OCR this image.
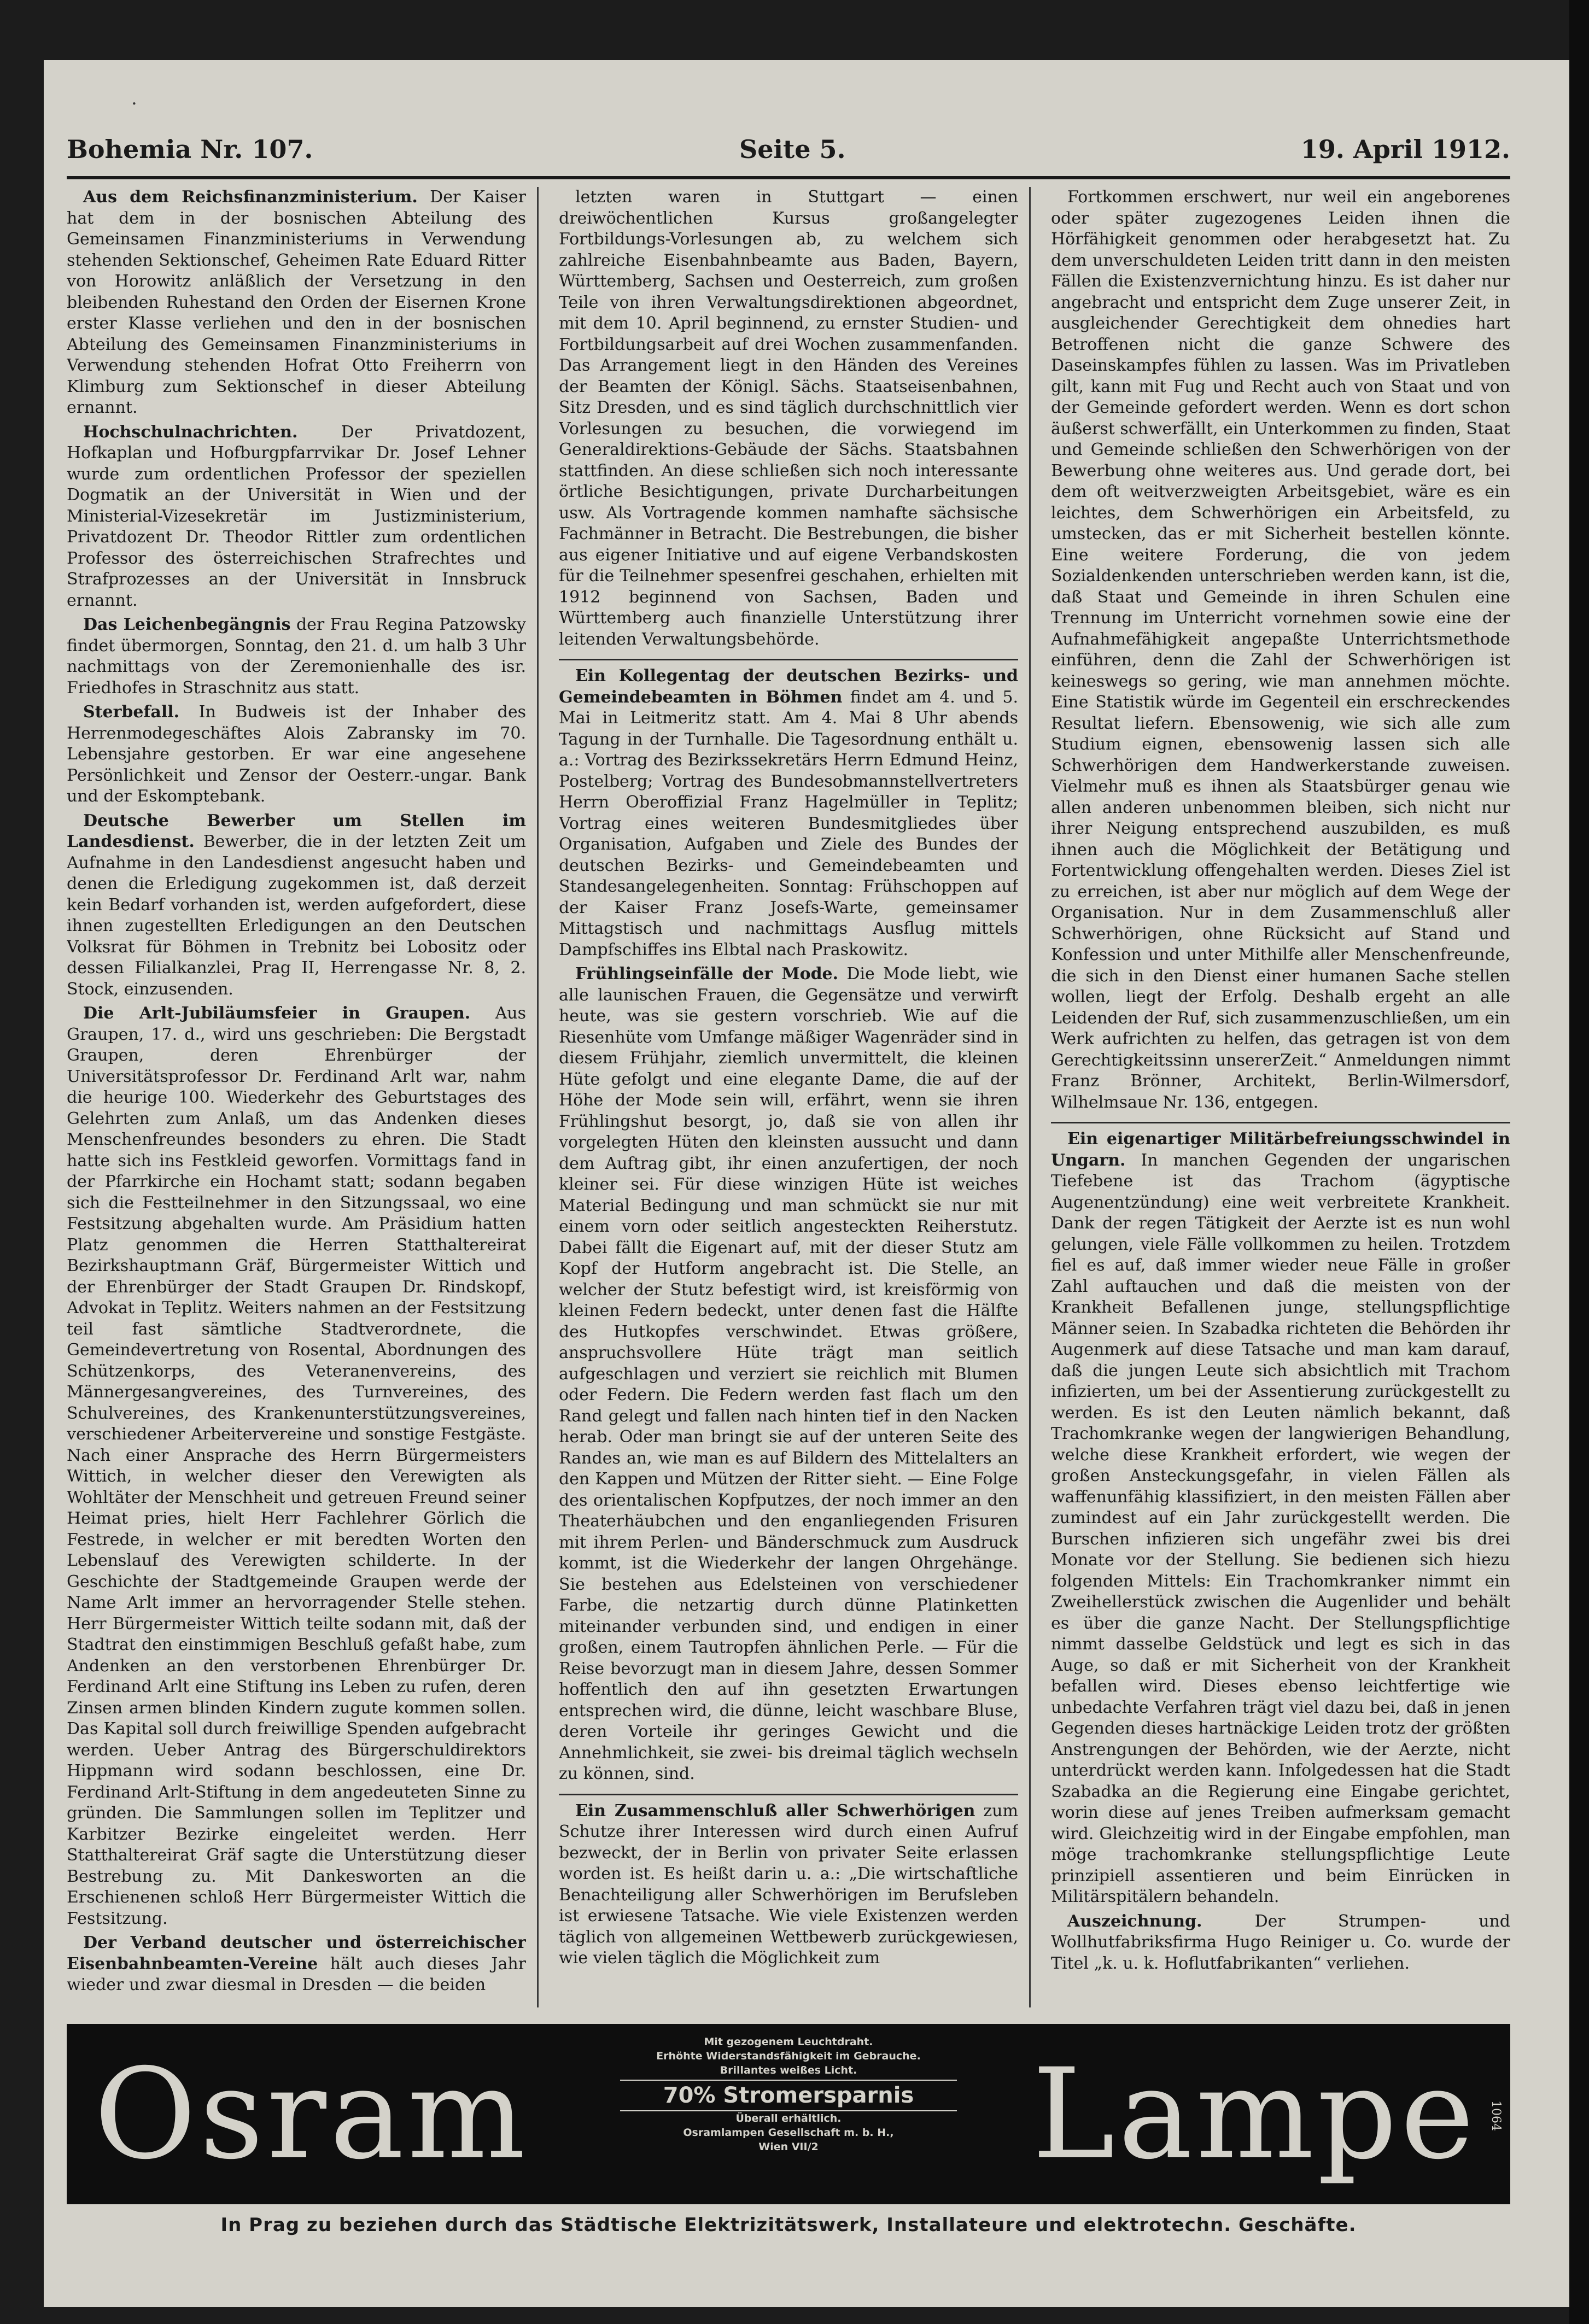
Bohemia Nr. 107.	Seite 5.	19. April 1912.

Aus dem Reichsfinanzministerium. Der Kaiser hat dem in der bosnischen Abteilung des Gemeinsamen Finanzministeriums in Verwendung stehenden Sektionschef, Geheimen Rate Eduard Ritter von Horowitz anläßlich der Versetzung in den bleibenden Ruhestand den Orden der Eisernen Krone erster Klasse verliehen und den in der bosnischen Abteilung des Gemeinsamen Finanzministeriums in Verwendung stehenden Hofrat Otto Freiherrn von Klimburg zum Sektionschef in dieser Abteilung ernannt.

Hochschulnachrichten.	Der Privatdozent, Hofkaplan und Hofburgpfarrvikar Dr. Josef Lehner wurde zum ordentlichen Professor der speziellen Dogmatik an der Universität in Wien und der Ministerial-Vizesekretär im Justizministerium, Privatdozent Dr. Theodor Rittler zum ordentlichen Professor des österreichischen Strafrechtes und Strafprozesses an der Universität in Innsbruck ernannt.

Das Leichenbegängnis der Frau Regina Patzowsky findet übermorgen, Sonntag, den 21. d. um halb 3 Uhr nachmittags von der Zeremonienhalle des isr. Friedhofes in Straschnitz aus statt.

Sterbefall. In Budweis ist der Inhaber des Herrenmodegeschäftes Alois Zabransky im 70. Lebensjahre gestorben. Er war eine angesehene Persönlichkeit und Zensor der Oesterr.-ungar. Bank und der Eskomptebank.

Deutsche Bewerber um Stellen im Landesdienst. Bewerber, die in der letzten Zeit um Aufnahme in den Landesdienst angesucht haben und denen die Erledigung zugekommen ist, daß derzeit kein Bedarf vorhanden ist, werden aufgefordert, diese ihnen zugestellten Erledigungen an den Deutschen Volksrat für Böhmen in Trebnitz bei Lobositz oder dessen Filialkanzlei, Prag II, Herrengasse Nr. 8, 2. Stock, einzusenden.

Die Arlt-Jubiläumsfeier in Graupen. Aus Graupen, 17. d., wird uns geschrieben: Die Bergstadt Graupen, deren Ehrenbürger der Universitätsprofessor Dr. Ferdinand Arlt war, nahm die heurige 100. Wiederkehr des Geburtstages des Gelehrten zum Anlaß, um das Andenken dieses Menschenfreundes besonders zu ehren. Die Stadt hatte sich ins Festkleid geworfen. Vormittags fand in der Pfarrkirche ein Hochamt statt; sodann begaben sich die Festteilnehmer in den Sitzungssaal, wo eine Festsitzung abgehalten wurde. Am Präsidium hatten Platz genommen die Herren Statthaltereirat Bezirkshauptmann Gräf, Bürgermeister Wittich und der Ehrenbürger der Stadt Graupen Dr. Rindskopf, Advokat in Teplitz. Weiters nahmen an der Festsitzung teil fast sämtliche Stadtverordnete, die Gemeindevertretung von Rosental, Abordnungen des Schützenkorps, des Veteranenvereins, des Männergesangvereines, des Turnvereines, des Schulvereines, des Krankenunterstützungsvereines, verschiedener Arbeitervereine und sonstige Festgäste. Nach einer Ansprache des Herrn Bürgermeisters Wittich, in welcher dieser den Verewigten als Wohltäter der Menschheit und getreuen Freund seiner Heimat pries, hielt Herr Fachlehrer Görlich die Festrede, in welcher er mit beredten Worten den Lebenslauf des Verewigten schilderte. In der Geschichte der Stadtgemeinde Graupen werde der Name Arlt immer an hervorragender Stelle stehen. Herr Bürgermeister Wittich teilte sodann mit, daß der Stadtrat den einstimmigen Beschluß gefaßt habe, zum Andenken an den verstorbenen Ehrenbürger Dr. Ferdinand Arlt eine Stiftung ins Leben zu rufen, deren Zinsen armen blinden Kindern zugute kommen sollen. Das Kapital soll durch freiwillige Spenden aufgebracht werden. Ueber Antrag des Bürgerschuldirektors Hippmann wird sodann beschlossen, eine Dr. Ferdinand Arlt-Stiftung in dem angedeuteten Sinne zu gründen. Die Sammlungen sollen im Teplitzer und Karbitzer Bezirke eingeleitet werden. Herr Statthaltereirat Gräf sagte die Unterstützung dieser Bestrebung zu. Mit Dankesworten an die Erschienenen schloß Herr Bürgermeister Wittich die Festsitzung.

Der Verband deutscher und österreichischer Eisenbahnbeamten-Vereine hält auch dieses Jahr wieder und zwar diesmal in Dresden — die beiden

letzten waren in Stuttgart — einen dreiwöchentlichen Kursus großangelegter Fortbildungs-Vorlesungen ab, zu welchem sich zahlreiche Eisenbahnbeamte aus Baden, Bayern, Württemberg, Sachsen und Oesterreich, zum großen Teile von ihren Verwaltungsdirektionen abgeordnet, mit dem 10. April beginnend, zu ernster Studien- und Fortbildungsarbeit auf drei Wochen zusammenfanden. Das Arrangement liegt in den Händen des Vereines der Beamten der Königl. Sächs. Staatseisenbahnen, Sitz Dresden, und es sind täglich durchschnittlich vier Vorlesungen zu besuchen, die vorwiegend im Generaldirektions-Gebäude der Sächs. Staatsbahnen stattfinden. An diese schließen sich noch interessante örtliche Besichtigungen, private Durcharbeitungen usw. Als Vortragende kommen namhafte sächsische Fachmänner in Betracht. Die Bestrebungen, die bisher aus eigener Initiative und auf eigene Verbandskosten für die Teilnehmer spesenfrei geschahen, erhielten mit 1912 beginnend von Sachsen, Baden und Württemberg auch finanzielle Unterstützung ihrer leitenden Verwaltungsbehörde.

Ein Kollegentag der deutschen Bezirks- und Gemeindebeamten in Böhmen findet am 4. und 5. Mai in Leitmeritz statt. Am 4. Mai 8 Uhr abends Tagung in der Turnhalle. Die Tagesordnung enthält u. a.: Vortrag des Bezirkssekretärs Herrn Edmund Heinz, Postelberg; Vortrag des Bundesobmannstellvertreters Herrn Oberoffizial Franz Hagelmüller in Teplitz; Vortrag eines weiteren Bundesmitgliedes über Organisation, Aufgaben und Ziele des Bundes der deutschen Bezirks- und Gemeindebeamten und Standesangelegenheiten. Sonntag: Frühschoppen auf der Kaiser Franz Josefs-Warte, gemeinsamer Mittagstisch und nachmittags Ausflug mittels Dampfschiffes ins Elbtal nach Praskowitz.

Frühlingseinfälle der Mode. Die Mode liebt, wie alle launischen Frauen, die Gegensätze und verwirft heute, was sie gestern vorschrieb. Wie auf die Riesenhüte vom Umfange mäßiger Wagenräder sind in diesem Frühjahr, ziemlich unvermittelt, die kleinen Hüte gefolgt und eine elegante Dame, die auf der Höhe der Mode sein will, erfährt, wenn sie ihren Frühlingshut besorgt, jo, daß sie von allen ihr vorgelegten Hüten den kleinsten aussucht und dann dem Auftrag gibt, ihr einen anzufertigen, der noch kleiner sei. Für diese winzigen Hüte ist weiches Material Bedingung und man schmückt sie nur mit einem vorn oder seitlich angesteckten Reiherstutz. Dabei fällt die Eigenart auf, mit der dieser Stutz am Kopf der Hutform angebracht ist. Die Stelle, an welcher der Stutz befestigt wird, ist kreisförmig von kleinen Federn bedeckt, unter denen fast die Hälfte des Hutkopfes verschwindet. Etwas größere, anspruchsvollere Hüte trägt man seitlich aufgeschlagen und verziert sie reichlich mit Blumen oder Federn. Die Federn werden fast flach um den Rand gelegt und fallen nach hinten tief in den Nacken herab. Oder man bringt sie auf der unteren Seite des Randes an, wie man es auf Bildern des Mittelalters an den Kappen und Mützen der Ritter sieht. — Eine Folge des orientalischen Kopfputzes, der noch immer an den Theaterhäubchen und den enganliegenden Frisuren mit ihrem Perlen- und Bänderschmuck zum Ausdruck kommt, ist die Wiederkehr der langen Ohrgehänge. Sie bestehen aus Edelsteinen von verschiedener Farbe, die netzartig durch dünne Platinketten miteinander verbunden sind, und endigen in einer großen, einem Tautropfen ähnlichen Perle. — Für die Reise bevorzugt man in diesem Jahre, dessen Sommer hoffentlich den auf ihn gesetzten Erwartungen entsprechen wird, die dünne, leicht waschbare Bluse, deren Vorteile ihr geringes Gewicht und die Annehmlichkeit, sie zwei- bis dreimal täglich wechseln zu können, sind.

Ein Zusammenschluß aller Schwerhörigen zum Schutze ihrer Interessen wird durch einen Aufruf bezweckt, der in Berlin von privater Seite erlassen worden ist. Es heißt darin u. a.: „Die wirtschaftliche Benachteiligung aller Schwerhörigen im Berufsleben ist erwiesene Tatsache. Wie viele Existenzen werden täglich von allgemeinen Wettbewerb zurückgewiesen, wie vielen täglich die Möglichkeit zum

Fortkommen erschwert, nur weil ein angeborenes oder später zugezogenes Leiden ihnen die Hörfähigkeit genommen oder herabgesetzt hat. Zu dem unverschuldeten Leiden tritt dann in den meisten Fällen die Existenzvernichtung hinzu. Es ist daher nur angebracht und entspricht dem Zuge unserer Zeit, in ausgleichender Gerechtigkeit dem ohnedies hart Betroffenen nicht die ganze Schwere des Daseinskampfes fühlen zu lassen. Was im Privatleben gilt, kann mit Fug und Recht auch von Staat und von der Gemeinde gefordert werden. Wenn es dort schon äußerst schwerfällt, ein Unterkommen zu finden, Staat und Gemeinde schließen den Schwerhörigen von der Bewerbung ohne weiteres aus. Und gerade dort, bei dem oft weitverzweigten Arbeitsgebiet, wäre es ein leichtes, dem Schwerhörigen ein Arbeitsfeld, zu umstecken, das er mit Sicherheit bestellen könnte. Eine weitere Forderung, die von jedem Sozialdenkenden unterschrieben werden kann, ist die, daß Staat und Gemeinde in ihren Schulen eine Trennung im Unterricht vornehmen sowie eine der Aufnahmefähigkeit angepaßte Unterrichtsmethode einführen, denn die Zahl der Schwerhörigen ist keineswegs so gering, wie man annehmen möchte. Eine Statistik würde im Gegenteil ein erschreckendes Resultat liefern. Ebensowenig, wie sich alle zum Studium eignen, ebensowenig lassen sich alle Schwerhörigen dem Handwerkerstande zuweisen. Vielmehr muß es ihnen als Staatsbürger genau wie allen anderen unbenommen bleiben, sich nicht nur ihrer Neigung entsprechend auszubilden, es muß ihnen auch die Möglichkeit der Betätigung und Fortentwicklung offengehalten werden. Dieses Ziel ist zu erreichen, ist aber nur möglich auf dem Wege der Organisation. Nur in dem Zusammenschluß aller Schwerhörigen, ohne Rücksicht auf Stand und Konfession und unter Mithilfe aller Menschenfreunde, die sich in den Dienst einer humanen Sache stellen wollen, liegt der Erfolg. Deshalb ergeht an alle Leidenden der Ruf, sich zusammenzuschließen, um ein Werk aufrichten zu helfen, das getragen ist von dem Gerechtigkeitssinn unsererZeit.“ Anmeldungen nimmt Franz Brönner, Architekt, Berlin-Wilmersdorf, Wilhelmsaue Nr. 136, entgegen.

Ein eigenartiger Militärbefreiungsschwindel in Ungarn. In manchen Gegenden der ungarischen Tiefebene ist das Trachom (ägyptische Augenentzündung) eine weit verbreitete Krankheit. Dank der regen Tätigkeit der Aerzte ist es nun wohl gelungen, viele Fälle vollkommen zu heilen. Trotzdem fiel es auf, daß immer wieder neue Fälle in großer Zahl auftauchen und daß die meisten von der Krankheit Befallenen junge, stellungspflichtige Männer seien. In Szabadka richteten die Behörden ihr Augenmerk auf diese Tatsache und man kam darauf, daß die jungen Leute sich absichtlich mit Trachom infizierten, um bei der Assentierung zurückgestellt zu werden. Es ist den Leuten nämlich bekannt, daß Trachomkranke wegen der langwierigen Behandlung, welche diese Krankheit erfordert, wie wegen der großen Ansteckungsgefahr, in vielen Fällen als waffenunfähig klassifiziert, in den meisten Fällen aber zumindest auf ein Jahr zurückgestellt werden. Die Burschen infizieren sich ungefähr zwei bis drei Monate vor der Stellung. Sie bedienen sich hiezu folgenden Mittels: Ein Trachomkranker nimmt ein Zweihellerstück zwischen die Augenlider und behält es über die ganze Nacht. Der Stellungspflichtige nimmt dasselbe Geldstück und legt es sich in das Auge, so daß er mit Sicherheit von der Krankheit befallen wird. Dieses ebenso leichtfertige wie unbedachte Verfahren trägt viel dazu bei, daß in jenen Gegenden dieses hartnäckige Leiden trotz der größten Anstrengungen der Behörden, wie der Aerzte, nicht unterdrückt werden kann. Infolgedessen hat die Stadt Szabadka an die Regierung eine Eingabe gerichtet, worin diese auf jenes Treiben aufmerksam gemacht wird. Gleichzeitig wird in der Eingabe empfohlen, man möge trachomkranke stellungspflichtige Leute prinzipiell assentieren und beim Einrücken in Militärspitälern behandeln.

Auszeichnung.	Der Strumpen- und Wollhutfabriksfirma Hugo Reiniger u. Co. wurde der Titel „k. u. k. Hoflutfabrikanten“ verliehen.

Osram	Mit gezogenem Leuchtdraht.
Erhöhte Widerstandsfähigkeit im Gebrauche.
Brillantes weißes Licht.
70% Stromersparnis
Überall erhältlich.
Osramlampen Gesellschaft m. b. H.,
Wien VII/2	Lampe 1064
In Prag zu beziehen durch das Städtische Elektrizitätswerk, Installateure und elektrotechn. Geschäfte.
·
